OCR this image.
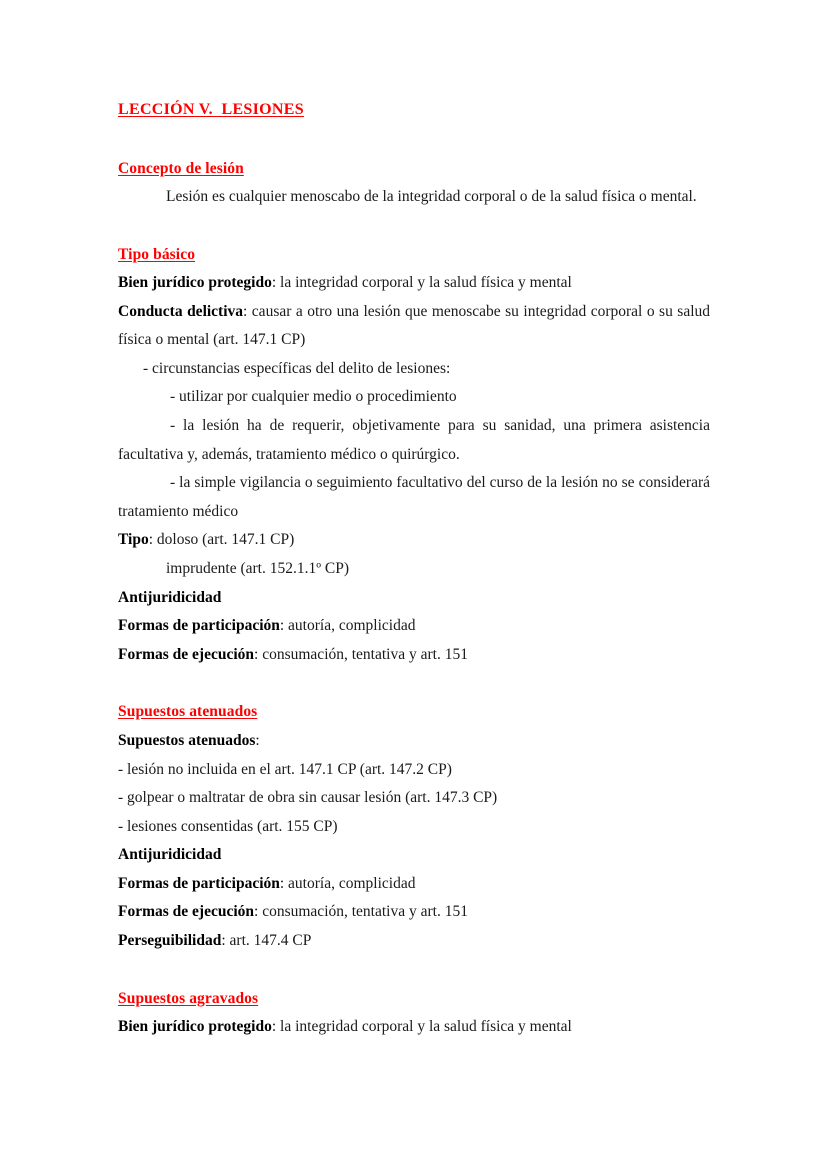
LECCIÓN V.  LESIONES
Concepto de lesión

Lesión es cualquier menoscabo de la integridad corporal o de la salud física o mental.

Tipo básico

Bien jurídico protegido: la integridad corporal y la salud física y mental

Conducta delictiva: causar a otro una lesión que menoscabe su integridad corporal o su salud física o mental (art. 147.1 CP)

- circunstancias específicas del delito de lesiones:

- utilizar por cualquier medio o procedimiento

- la lesión ha de requerir, objetivamente para su sanidad, una primera asistencia facultativa y, además, tratamiento médico o quirúrgico.

- la simple vigilancia o seguimiento facultativo del curso de la lesión no se considerará tratamiento médico

Tipo: doloso (art. 147.1 CP)

imprudente (art. 152.1.1º CP)

Antijuridicidad

Formas de participación: autoría, complicidad

Formas de ejecución: consumación, tentativa y art. 151

Supuestos atenuados

Supuestos atenuados:

- lesión no incluida en el art. 147.1 CP (art. 147.2 CP)

- golpear o maltratar de obra sin causar lesión (art. 147.3 CP)

- lesiones consentidas (art. 155 CP)

Antijuridicidad

Formas de participación: autoría, complicidad

Formas de ejecución: consumación, tentativa y art. 151

Perseguibilidad: art. 147.4 CP

Supuestos agravados

Bien jurídico protegido: la integridad corporal y la salud física y mental
